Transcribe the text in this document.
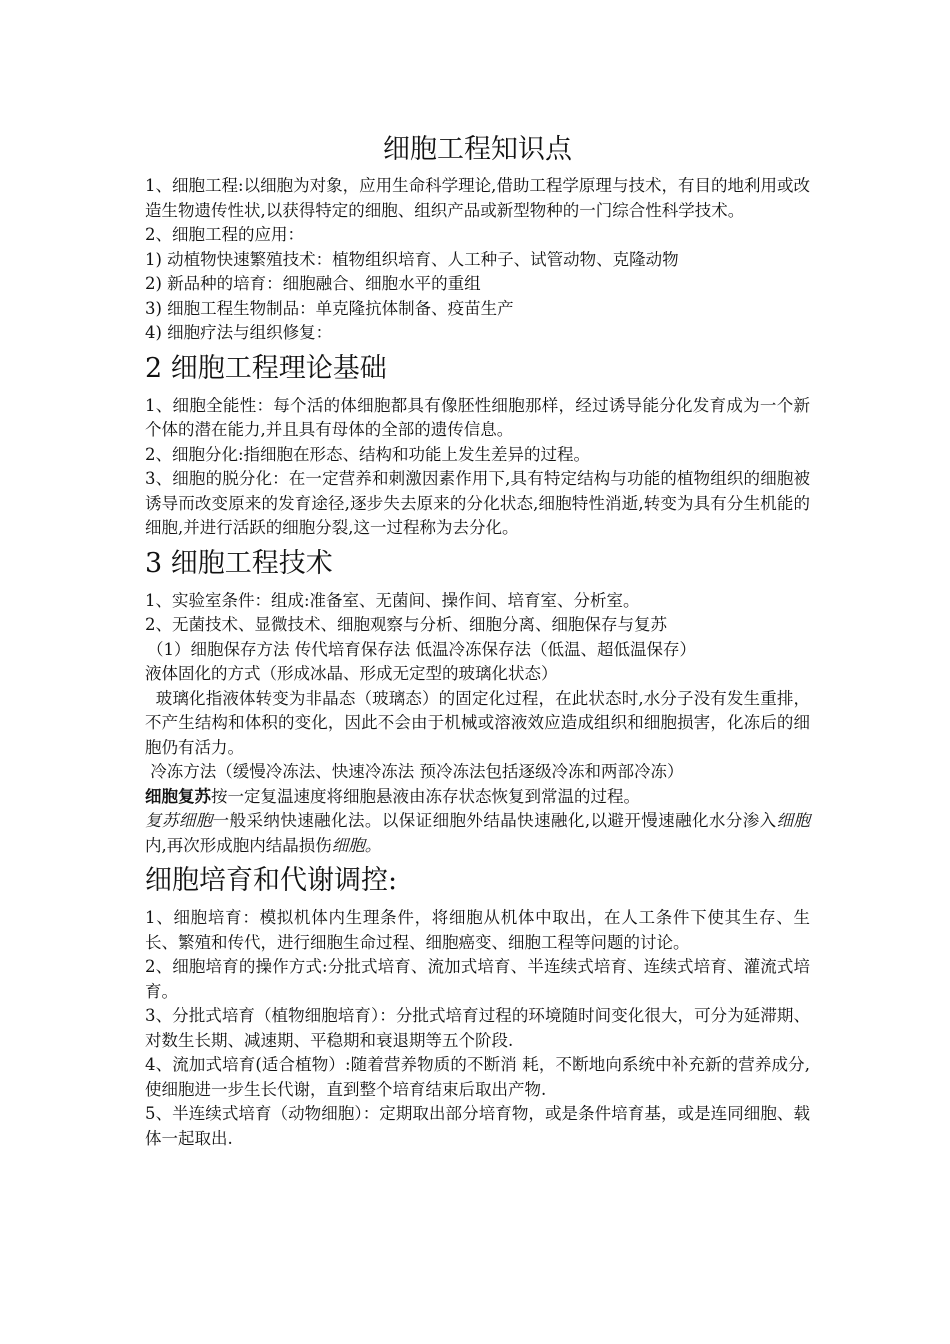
细胞工程知识点

1、细胞工程:以细胞为对象，应用生命科学理论,借助工程学原理与技术，有目的地利用或改造生物遗传性状,以获得特定的细胞、组织产品或新型物种的一门综合性科学技术。

2、细胞工程的应用：

1) 动植物快速繁殖技术：植物组织培育、人工种子、试管动物、克隆动物

2) 新品种的培育：细胞融合、细胞水平的重组

3) 细胞工程生物制品：单克隆抗体制备、疫苗生产

4) 细胞疗法与组织修复：

2 细胞工程理论基础

1、细胞全能性：每个活的体细胞都具有像胚性细胞那样，经过诱导能分化发育成为一个新个体的潜在能力,并且具有母体的全部的遗传信息。

2、细胞分化:指细胞在形态、结构和功能上发生差异的过程。

3、细胞的脱分化：在一定营养和刺激因素作用下,具有特定结构与功能的植物组织的细胞被诱导而改变原来的发育途径,逐步失去原来的分化状态,细胞特性消逝,转变为具有分生机能的细胞,并进行活跃的细胞分裂,这一过程称为去分化。

3 细胞工程技术

1、实验室条件：组成:准备室、无菌间、操作间、培育室、分析室。

2、无菌技术、显微技术、细胞观察与分析、细胞分离、细胞保存与复苏

（1）细胞保存方法 传代培育保存法 低温冷冻保存法（低温、超低温保存）

液体固化的方式（形成冰晶、形成无定型的玻璃化状态）

玻璃化指液体转变为非晶态（玻璃态）的固定化过程，在此状态时,水分子没有发生重排，不产生结构和体积的变化，因此不会由于机械或溶液效应造成组织和细胞损害，化冻后的细胞仍有活力。

冷冻方法（缓慢冷冻法、快速冷冻法 预冷冻法包括逐级冷冻和两部冷冻）

细胞复苏按一定复温速度将细胞悬液由冻存状态恢复到常温的过程。

复苏细胞一般采纳快速融化法。以保证细胞外结晶快速融化,以避开慢速融化水分渗入细胞内,再次形成胞内结晶损伤细胞。

细胞培育和代谢调控:

1、细胞培育：模拟机体内生理条件，将细胞从机体中取出，在人工条件下使其生存、生长、繁殖和传代，进行细胞生命过程、细胞癌变、细胞工程等问题的讨论。

2、细胞培育的操作方式:分批式培育、流加式培育、半连续式培育、连续式培育、灌流式培育。

3、分批式培育（植物细胞培育）：分批式培育过程的环境随时间变化很大，可分为延滞期、对数生长期、减速期、平稳期和衰退期等五个阶段.

4、流加式培育(适合植物）:随着营养物质的不断消 耗，不断地向系统中补充新的营养成分,使细胞进一步生长代谢，直到整个培育结束后取出产物.

5、半连续式培育（动物细胞）：定期取出部分培育物，或是条件培育基，或是连同细胞、载体一起取出.
